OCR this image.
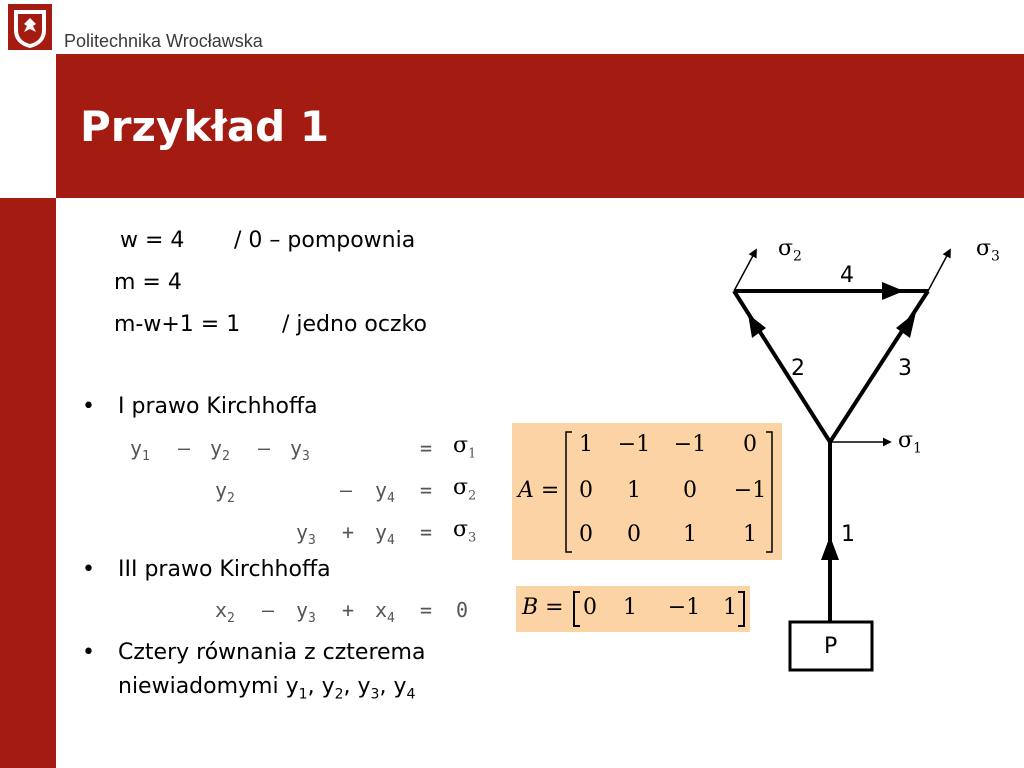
Politechnika Wrocławska
Przykład 1
w = 4 / 0 – pompownia
m = 4
m-w+1 = 1 / jedno oczko
• I prawo Kirchhoffa
$y_1 - y_2 - y_3$	= $\sigma_1$
$y_2$	– $y_4 = \sigma_2$
$y_3 + y_4 = \sigma_3$
• III prawo Kirchhoffa
$x_2 - y_3 + x_4 = 0$
• Cztery równania z czterema
niewiadomymi $y_1$, $y_2$, $y_3$, $y_4$
A =
1	−1 −1	0
0	1	0	−1
0	0	1	1
B = 0	1	−1	1
4
2	3
1
P
$\sigma_2$	$\sigma_3$
$\sigma_1$
